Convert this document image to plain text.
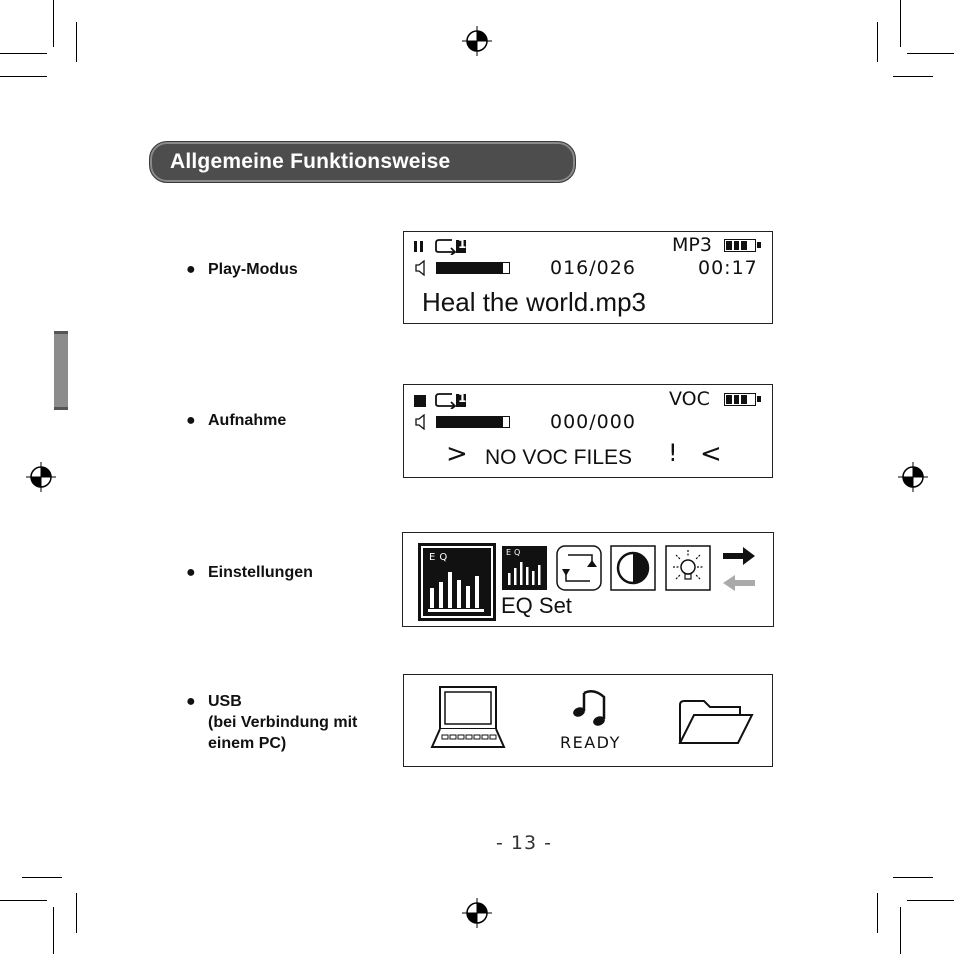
Allgemeine Funktionsweise
● Play-Modus
● Aufnahme
● Einstellungen
● USB
(bei Verbindung mit
einem PC)
1
016/026
MP3
00:17
Heal the world.mp3
1
000/000
VOC
> NO VOC FILES ! <
EQ	EQ
EQ Set
READY
- 13 -
